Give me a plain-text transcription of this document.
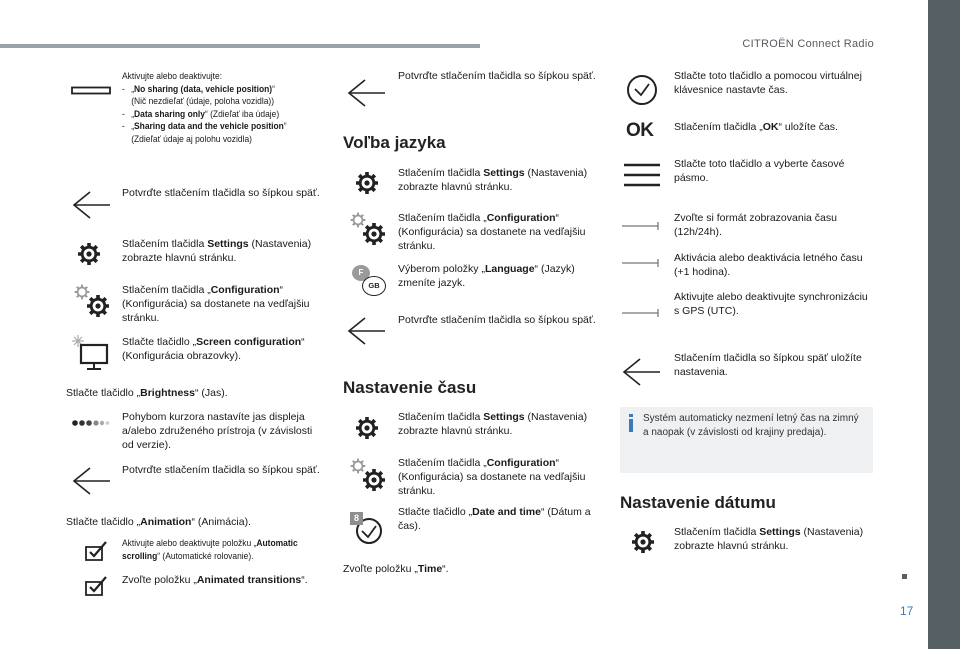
CITROËN Connect Radio
17
Aktivujte alebo deaktivujte:
- „No sharing (data, vehicle position)“ (Nič nezdieľať (údaje, poloha vozidla))
- „Data sharing only“ (Zdieľať iba údaje)
- „Sharing data and the vehicle position“ (Zdieľať údaje aj polohu vozidla)
Potvrďte stlačením tlačidla so šípkou späť.
Stlačením tlačidla Settings (Nastavenia) zobrazte hlavnú stránku.
Stlačením tlačidla „Configuration“ (Konfigurácia) sa dostanete na vedľajšiu stránku.
Stlačte tlačidlo „Screen configuration“ (Konfigurácia obrazovky).
Stlačte tlačidlo „Brightness“ (Jas).
Pohybom kurzora nastavíte jas displeja a/alebo združeného prístroja (v závislosti od verzie).
Potvrďte stlačením tlačidla so šípkou späť.
Stlačte tlačidlo „Animation“ (Animácia).
Aktivujte alebo deaktivujte položku „Automatic scrolling“ (Automatické rolovanie).
Zvoľte položku „Animated transitions“.
Potvrďte stlačením tlačidla so šípkou späť.
Voľba jazyka
Stlačením tlačidla Settings (Nastavenia) zobrazte hlavnú stránku.
Stlačením tlačidla „Configuration“ (Konfigurácia) sa dostanete na vedľajšiu stránku.
F
GB
Výberom položky „Language“ (Jazyk) zmeníte jazyk.
Potvrďte stlačením tlačidla so šípkou späť.
Nastavenie času
Stlačením tlačidla Settings (Nastavenia) zobrazte hlavnú stránku.
Stlačením tlačidla „Configuration“ (Konfigurácia) sa dostanete na vedľajšiu stránku.
8	Stlačte tlačidlo „Date and time“ (Dátum a čas).
Zvoľte položku „Time“.
Stlačte toto tlačidlo a pomocou virtuálnej klávesnice nastavte čas.
OK Stlačením tlačidla „OK“ uložíte čas.
Stlačte toto tlačidlo a vyberte časové pásmo.
Zvoľte si formát zobrazovania času (12h/24h).
Aktivácia alebo deaktivácia letného času (+1 hodina).
Aktivujte alebo deaktivujte synchronizáciu s GPS (UTC).
Stlačením tlačidla so šípkou späť uložíte nastavenia.
Systém automaticky nezmení letný čas na zimný a naopak (v závislosti od krajiny predaja).
Nastavenie dátumu
Stlačením tlačidla Settings (Nastavenia) zobrazte hlavnú stránku.
